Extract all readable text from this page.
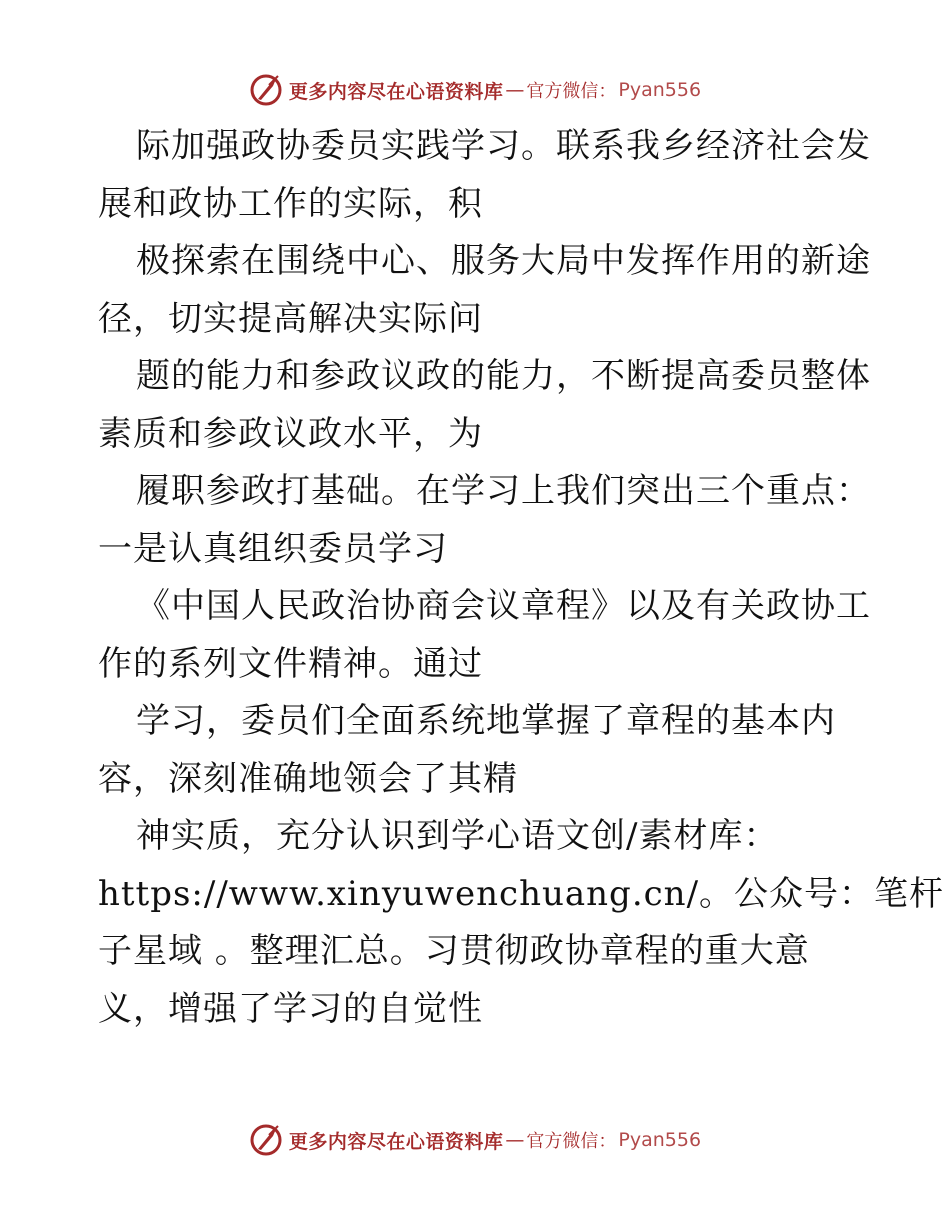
更多内容尽在心语资料库 — 官方微信： Pyan556
际加强政协委员实践学习。联系我乡经济社会发
展和政协工作的实际，积
极探索在围绕中心、服务大局中发挥作用的新途
径，切实提高解决实际问
题的能力和参政议政的能力，不断提高委员整体
素质和参政议政水平，为
履职参政打基础。在学习上我们突出三个重点：
一是认真组织委员学习
《中国人民政治协商会议章程》以及有关政协工
作的系列文件精神。通过
学习，委员们全面系统地掌握了章程的基本内
容，深刻准确地领会了其精
神实质，充分认识到学心语文创/素材库：
https://www.xinyuwenchuang.cn/。公众号：笔杆
子星域 。整理汇总。习贯彻政协章程的重大意
义，增强了学习的自觉性
更多内容尽在心语资料库 — 官方微信： Pyan556
